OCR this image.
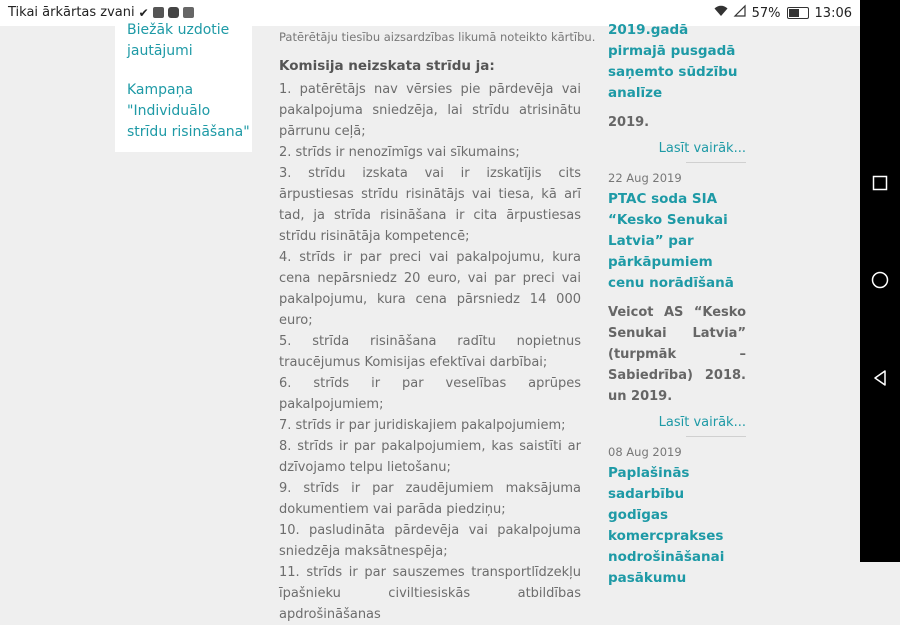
Tikai ārkārtas zvani ✔	57%	13:06
Biežāk uzdotie jautājumi
Kampaņa "Individuālo strīdu risināšana"
Patērētāju tiesību aizsardzības likumā noteikto kārtību.
Komisija neizskata strīdu ja:
1. patērētājs nav vērsies pie pārdevēja vai pakalpojuma sniedzēja, lai strīdu atrisinātu pārrunu ceļā;
2. strīds ir nenozīmīgs vai sīkumains;
3. strīdu izskata vai ir izskatījis cits ārpustiesas strīdu risinātājs vai tiesa, kā arī tad, ja strīda risināšana ir cita ārpustiesas strīdu risinātāja kompetencē;
4. strīds ir par preci vai pakalpojumu, kura cena nepārsniedz 20 euro, vai par preci vai pakalpojumu, kura cena pārsniedz 14 000 euro;
5. strīda risināšana radītu nopietnus traucējumus Komisijas efektīvai darbībai;
6. strīds ir par veselības aprūpes pakalpojumiem;
7. strīds ir par juridiskajiem pakalpojumiem;
8. strīds ir par pakalpojumiem, kas saistīti ar dzīvojamo telpu lietošanu;
9. strīds ir par zaudējumiem maksājuma dokumentiem vai parāda piedziņu;
10. pasludināta pārdevēja vai pakalpojuma sniedzēja maksātnespēja;
11. strīds ir par sauszemes transportlīdzekļu īpašnieku civiltiesiskās atbildības apdrošināšanas
2019.gadā pirmajā pusgadā saņemto sūdzību analīze
2019.
Lasīt vairāk...
22 Aug 2019
PTAC soda SIA “Kesko Senukai Latvia” par pārkāpumiem cenu norādīšanā
Veicot AS “Kesko Senukai Latvia” (turpmāk – Sabiedrība) 2018. un 2019.
Lasīt vairāk...
08 Aug 2019
Paplašinās sadarbību godīgas komercprakses nodrošināšanai pasākumu
